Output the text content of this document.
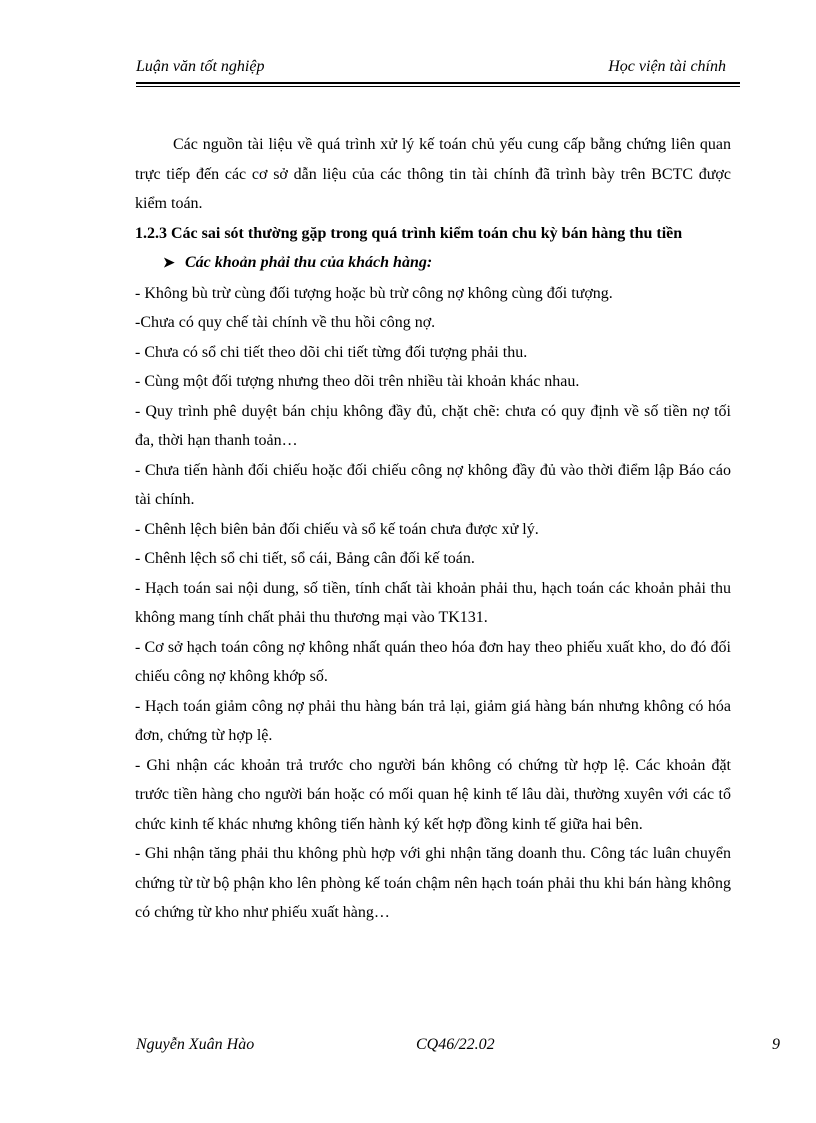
Luận văn tốt nghiệp	Học viện tài chính

Các nguồn tài liệu về quá trình xử lý kế toán chủ yếu cung cấp bằng chứng liên quan trực tiếp đến các cơ sở dẫn liệu của các thông tin tài chính đã trình bày trên BCTC được kiểm toán.

1.2.3 Các sai sót thường gặp trong quá trình kiểm toán chu kỳ bán hàng thu tiền

➤ Các khoản phải thu của khách hàng:

- Không bù trừ cùng đối tượng hoặc bù trừ công nợ không cùng đối tượng.

-Chưa có quy chế tài chính về thu hồi công nợ.

- Chưa có sổ chi tiết theo dõi chi tiết từng đối tượng phải thu.

- Cùng một đối tượng nhưng theo dõi trên nhiều tài khoản khác nhau.

- Quy trình phê duyệt bán chịu không đầy đủ, chặt chẽ: chưa có quy định về số tiền nợ tối đa, thời hạn thanh toản…

- Chưa tiến hành đối chiếu hoặc đối chiếu công nợ không đầy đủ vào thời điểm lập Báo cáo tài chính.

- Chênh lệch biên bản đối chiếu và sổ kế toán chưa được xử lý.

- Chênh lệch sổ chi tiết, sổ cái, Bảng cân đối kế toán.

- Hạch toán sai nội dung, số tiền, tính chất tài khoản phải thu, hạch toán các khoản phải thu không mang tính chất phải thu thương mại vào TK131.

- Cơ sở hạch toán công nợ không nhất quán theo hóa đơn hay theo phiếu xuất kho, do đó đối chiếu công nợ không khớp số.

- Hạch toán giảm công nợ phải thu hàng bán trả lại, giảm giá hàng bán nhưng không có hóa đơn, chứng từ hợp lệ.

- Ghi nhận các khoản trả trước cho người bán không có chứng từ hợp lệ. Các khoản đặt trước tiền hàng cho người bán hoặc có mối quan hệ kinh tế lâu dài, thường xuyên với các tổ chức kinh tế khác nhưng không tiến hành ký kết hợp đồng kinh tế giữa hai bên.

- Ghi nhận tăng phải thu không phù hợp với ghi nhận tăng doanh thu. Công tác luân chuyển chứng từ từ bộ phận kho lên phòng kế toán chậm nên hạch toán phải thu khi bán hàng không có chứng từ kho như phiếu xuất hàng…

Nguyễn Xuân Hào	CQ46/22.02	9
